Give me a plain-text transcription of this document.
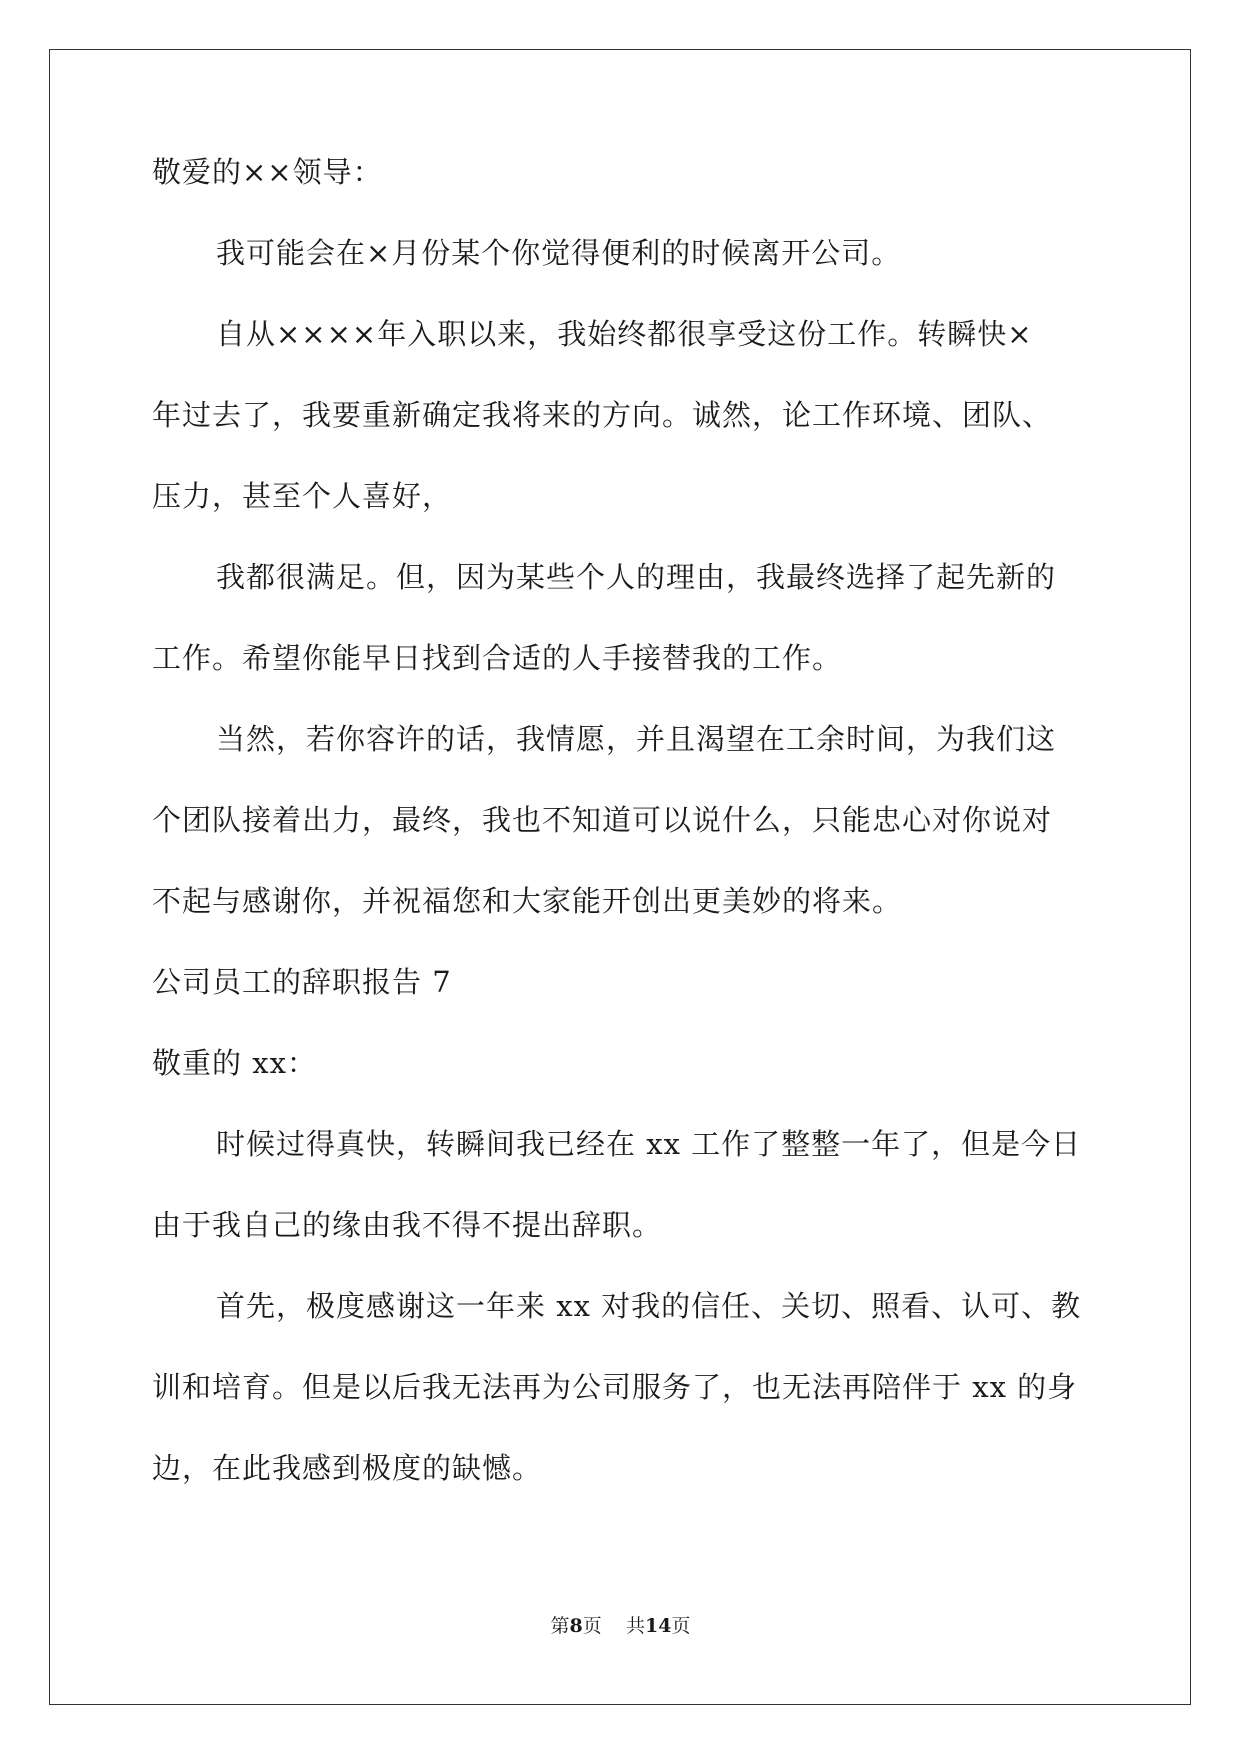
敬爱的××领导：
我可能会在×月份某个你觉得便利的时候离开公司。
自从××××年入职以来，我始终都很享受这份工作。转瞬快×
年过去了，我要重新确定我将来的方向。诚然，论工作环境、团队、
压力，甚至个人喜好，
我都很满足。但，因为某些个人的理由，我最终选择了起先新的
工作。希望你能早日找到合适的人手接替我的工作。
当然，若你容许的话，我情愿，并且渴望在工余时间，为我们这
个团队接着出力，最终，我也不知道可以说什么，只能忠心对你说对
不起与感谢你，并祝福您和大家能开创出更美妙的将来。
公司员工的辞职报告 7
敬重的 xx：
时候过得真快，转瞬间我已经在 xx 工作了整整一年了，但是今日
由于我自己的缘由我不得不提出辞职。
首先，极度感谢这一年来 xx 对我的信任、关切、照看、认可、教
训和培育。但是以后我无法再为公司服务了，也无法再陪伴于 xx 的身
边，在此我感到极度的缺憾。
第8页 共14页
